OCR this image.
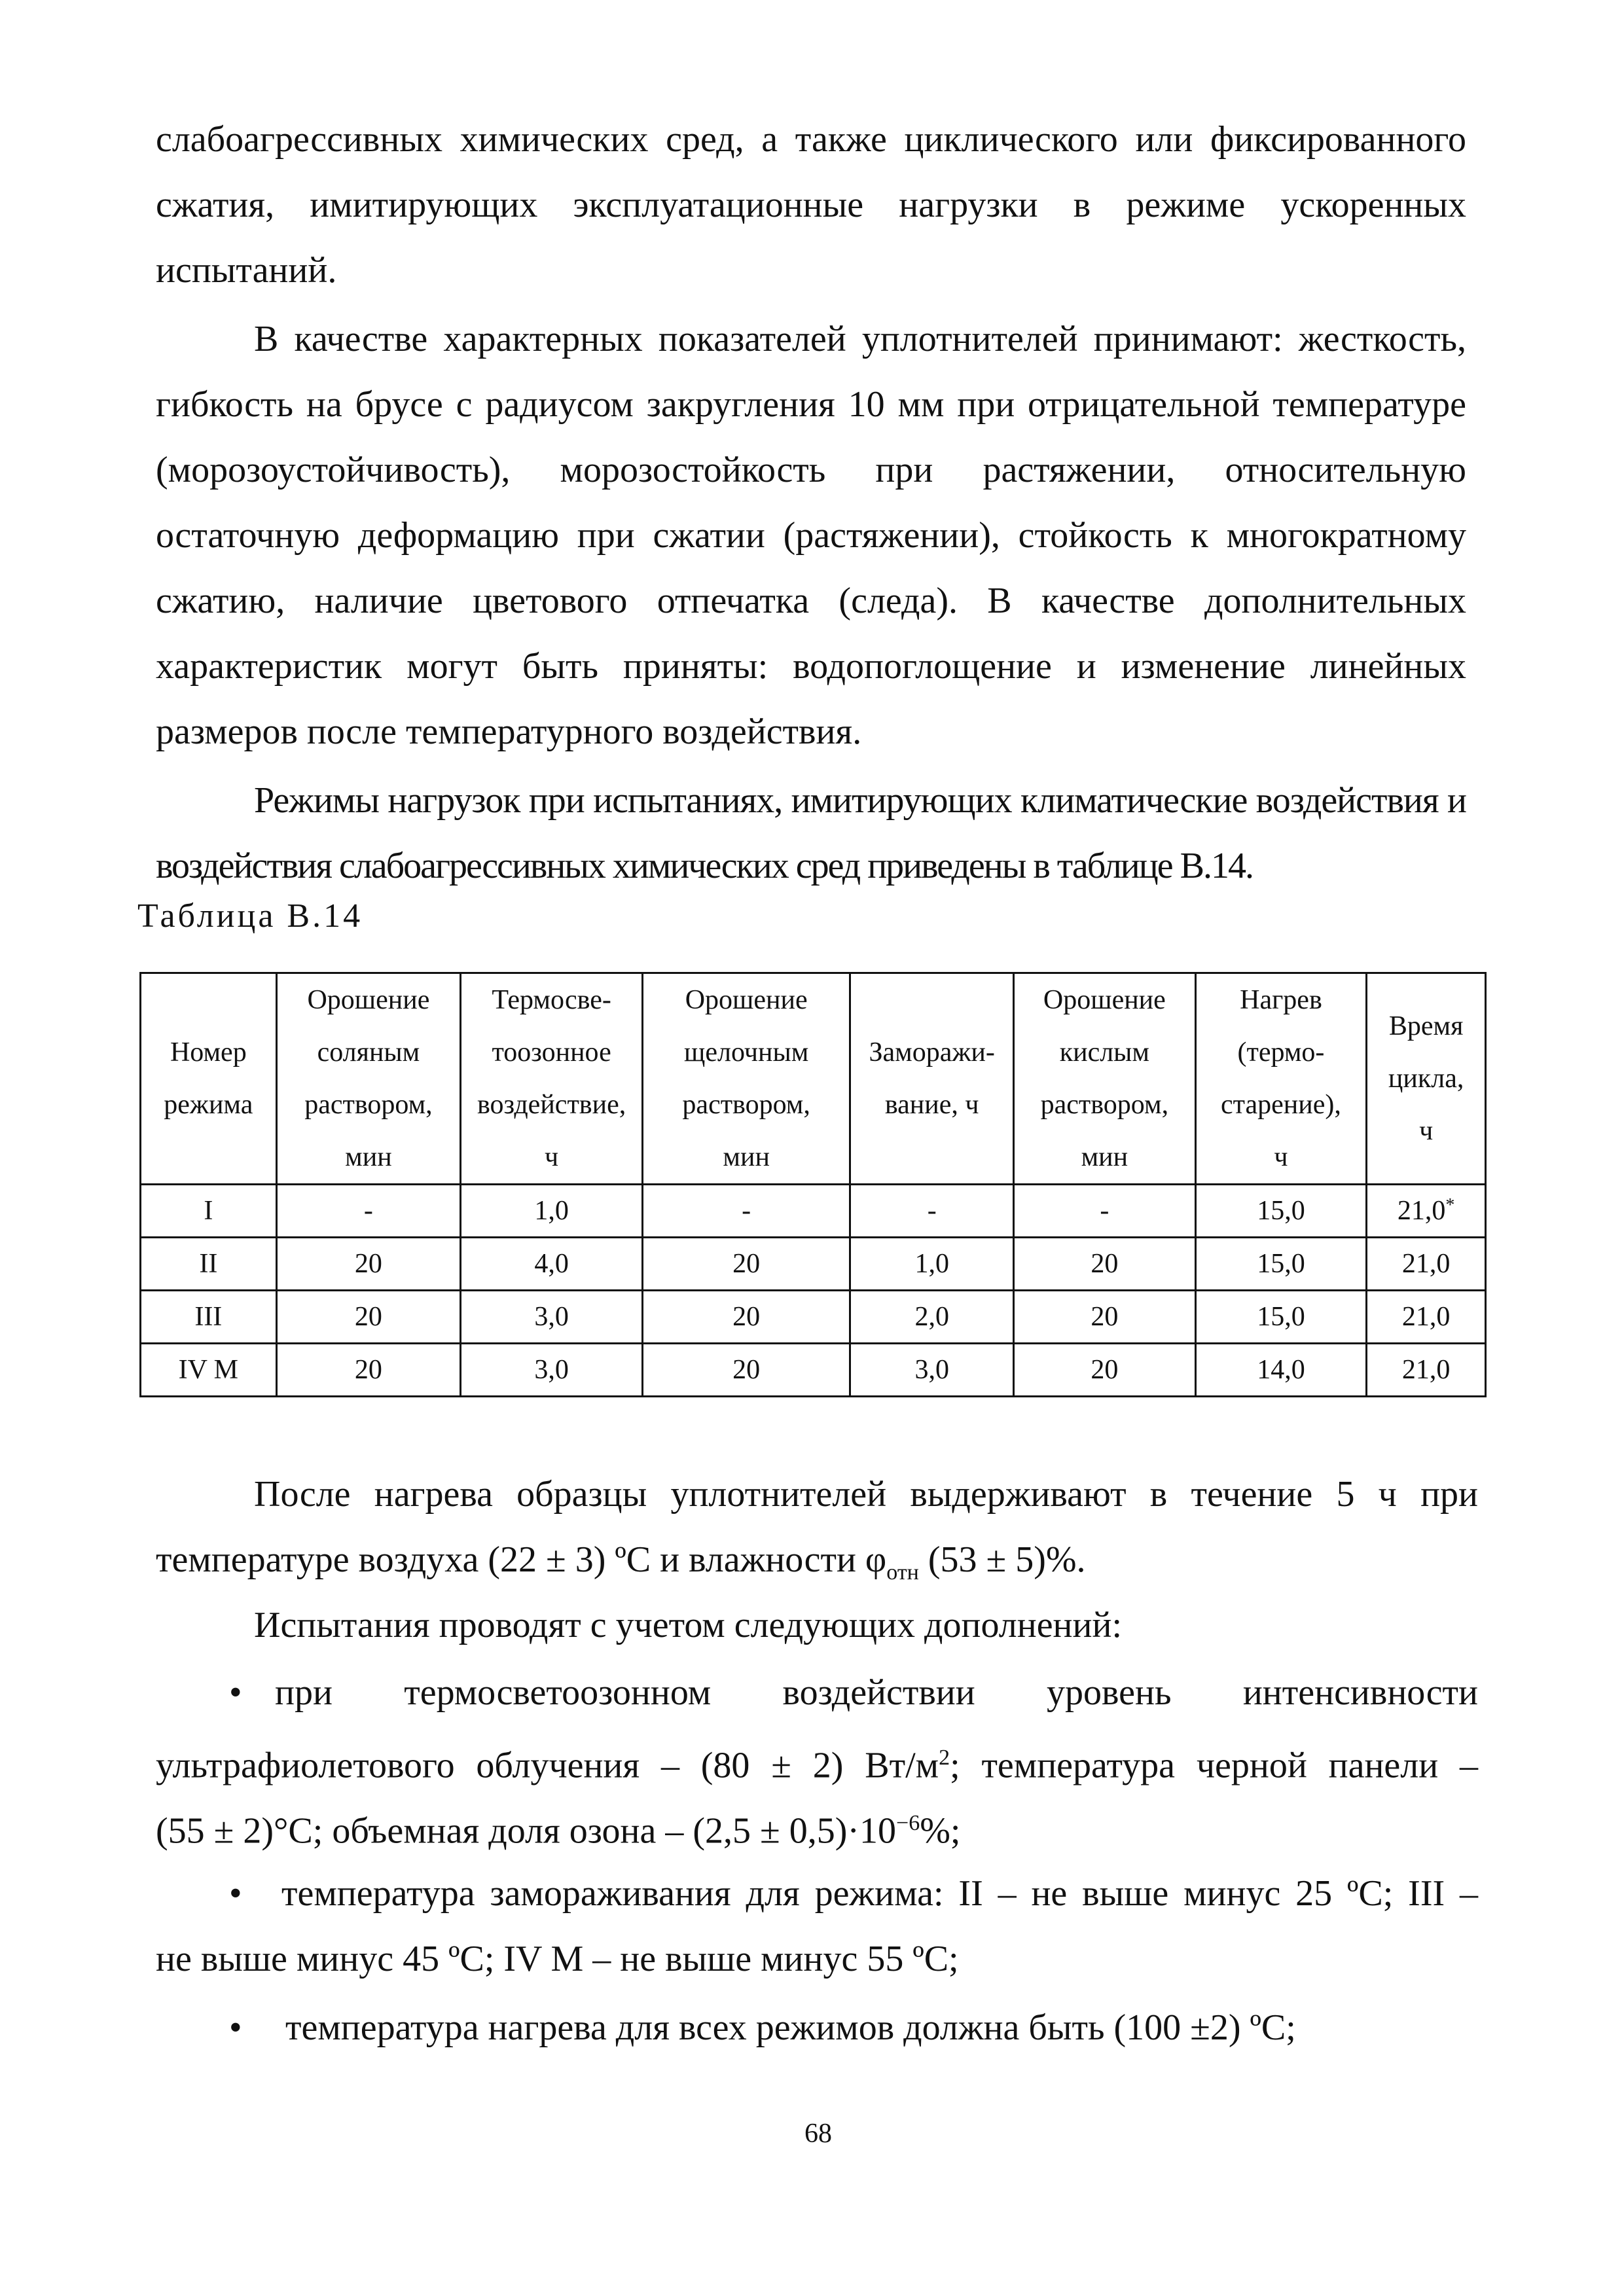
слабоагрессивных химических сред, а также циклического или фиксированного
сжатия, имитирующих эксплуатационные нагрузки в режиме ускоренных
испытаний.
В качестве характерных показателей уплотнителей принимают: жесткость,
гибкость на брусе с радиусом закругления 10 мм при отрицательной температуре
(морозоустойчивость), морозостойкость при растяжении, относительную
остаточную деформацию при сжатии (растяжении), стойкость к многократному
сжатию, наличие цветового отпечатка (следа). В качестве дополнительных
характеристик могут быть приняты: водопоглощение и изменение линейных
размеров после температурного воздействия.
Режимы нагрузок при испытаниях, имитирующих климатические воздействия и
воздействия слабоагрессивных химических сред приведены в таблице В.14.
Таблица В.14
Номер
режима	Орошение
соляным
раствором,
мин	Термосве-
тоозонное
воздействие,
ч	Орошение
щелочным
раствором,
мин	Заморажи-
вание, ч	Орошение
кислым
раствором,
мин	Нагрев
(термо-
старение),
ч	Время
цикла,
ч
I	-	1,0	-	-	-	15,0	21,0*
II	20	4,0	20	1,0	20	15,0	21,0
III	20	3,0	20	2,0	20	15,0	21,0
IV M	20	3,0	20	3,0	20	14,0	21,0
После нагрева образцы уплотнителей выдерживают в течение 5 ч при
температуре воздуха (22 ± 3) ºС и влажности $\varphi_{отн}$ (53 ± 5)%.
Испытания проводят с учетом следующих дополнений:
• при термосветоозонном воздействии уровень интенсивности
ультрафиолетового облучения – (80 ± 2) $Вт/м^2$; температура черной панели –
(55 ± 2)°С; объемная доля озона – $(2,5 \pm 0,5)\cdot 10^{-6}\%$;
• температура замораживания для режима: II – не выше минус 25 ºС; III –
не выше минус 45 ºС; IV M – не выше минус 55 ºС;
• температура нагрева для всех режимов должна быть (100 ±2) ºС;
68
